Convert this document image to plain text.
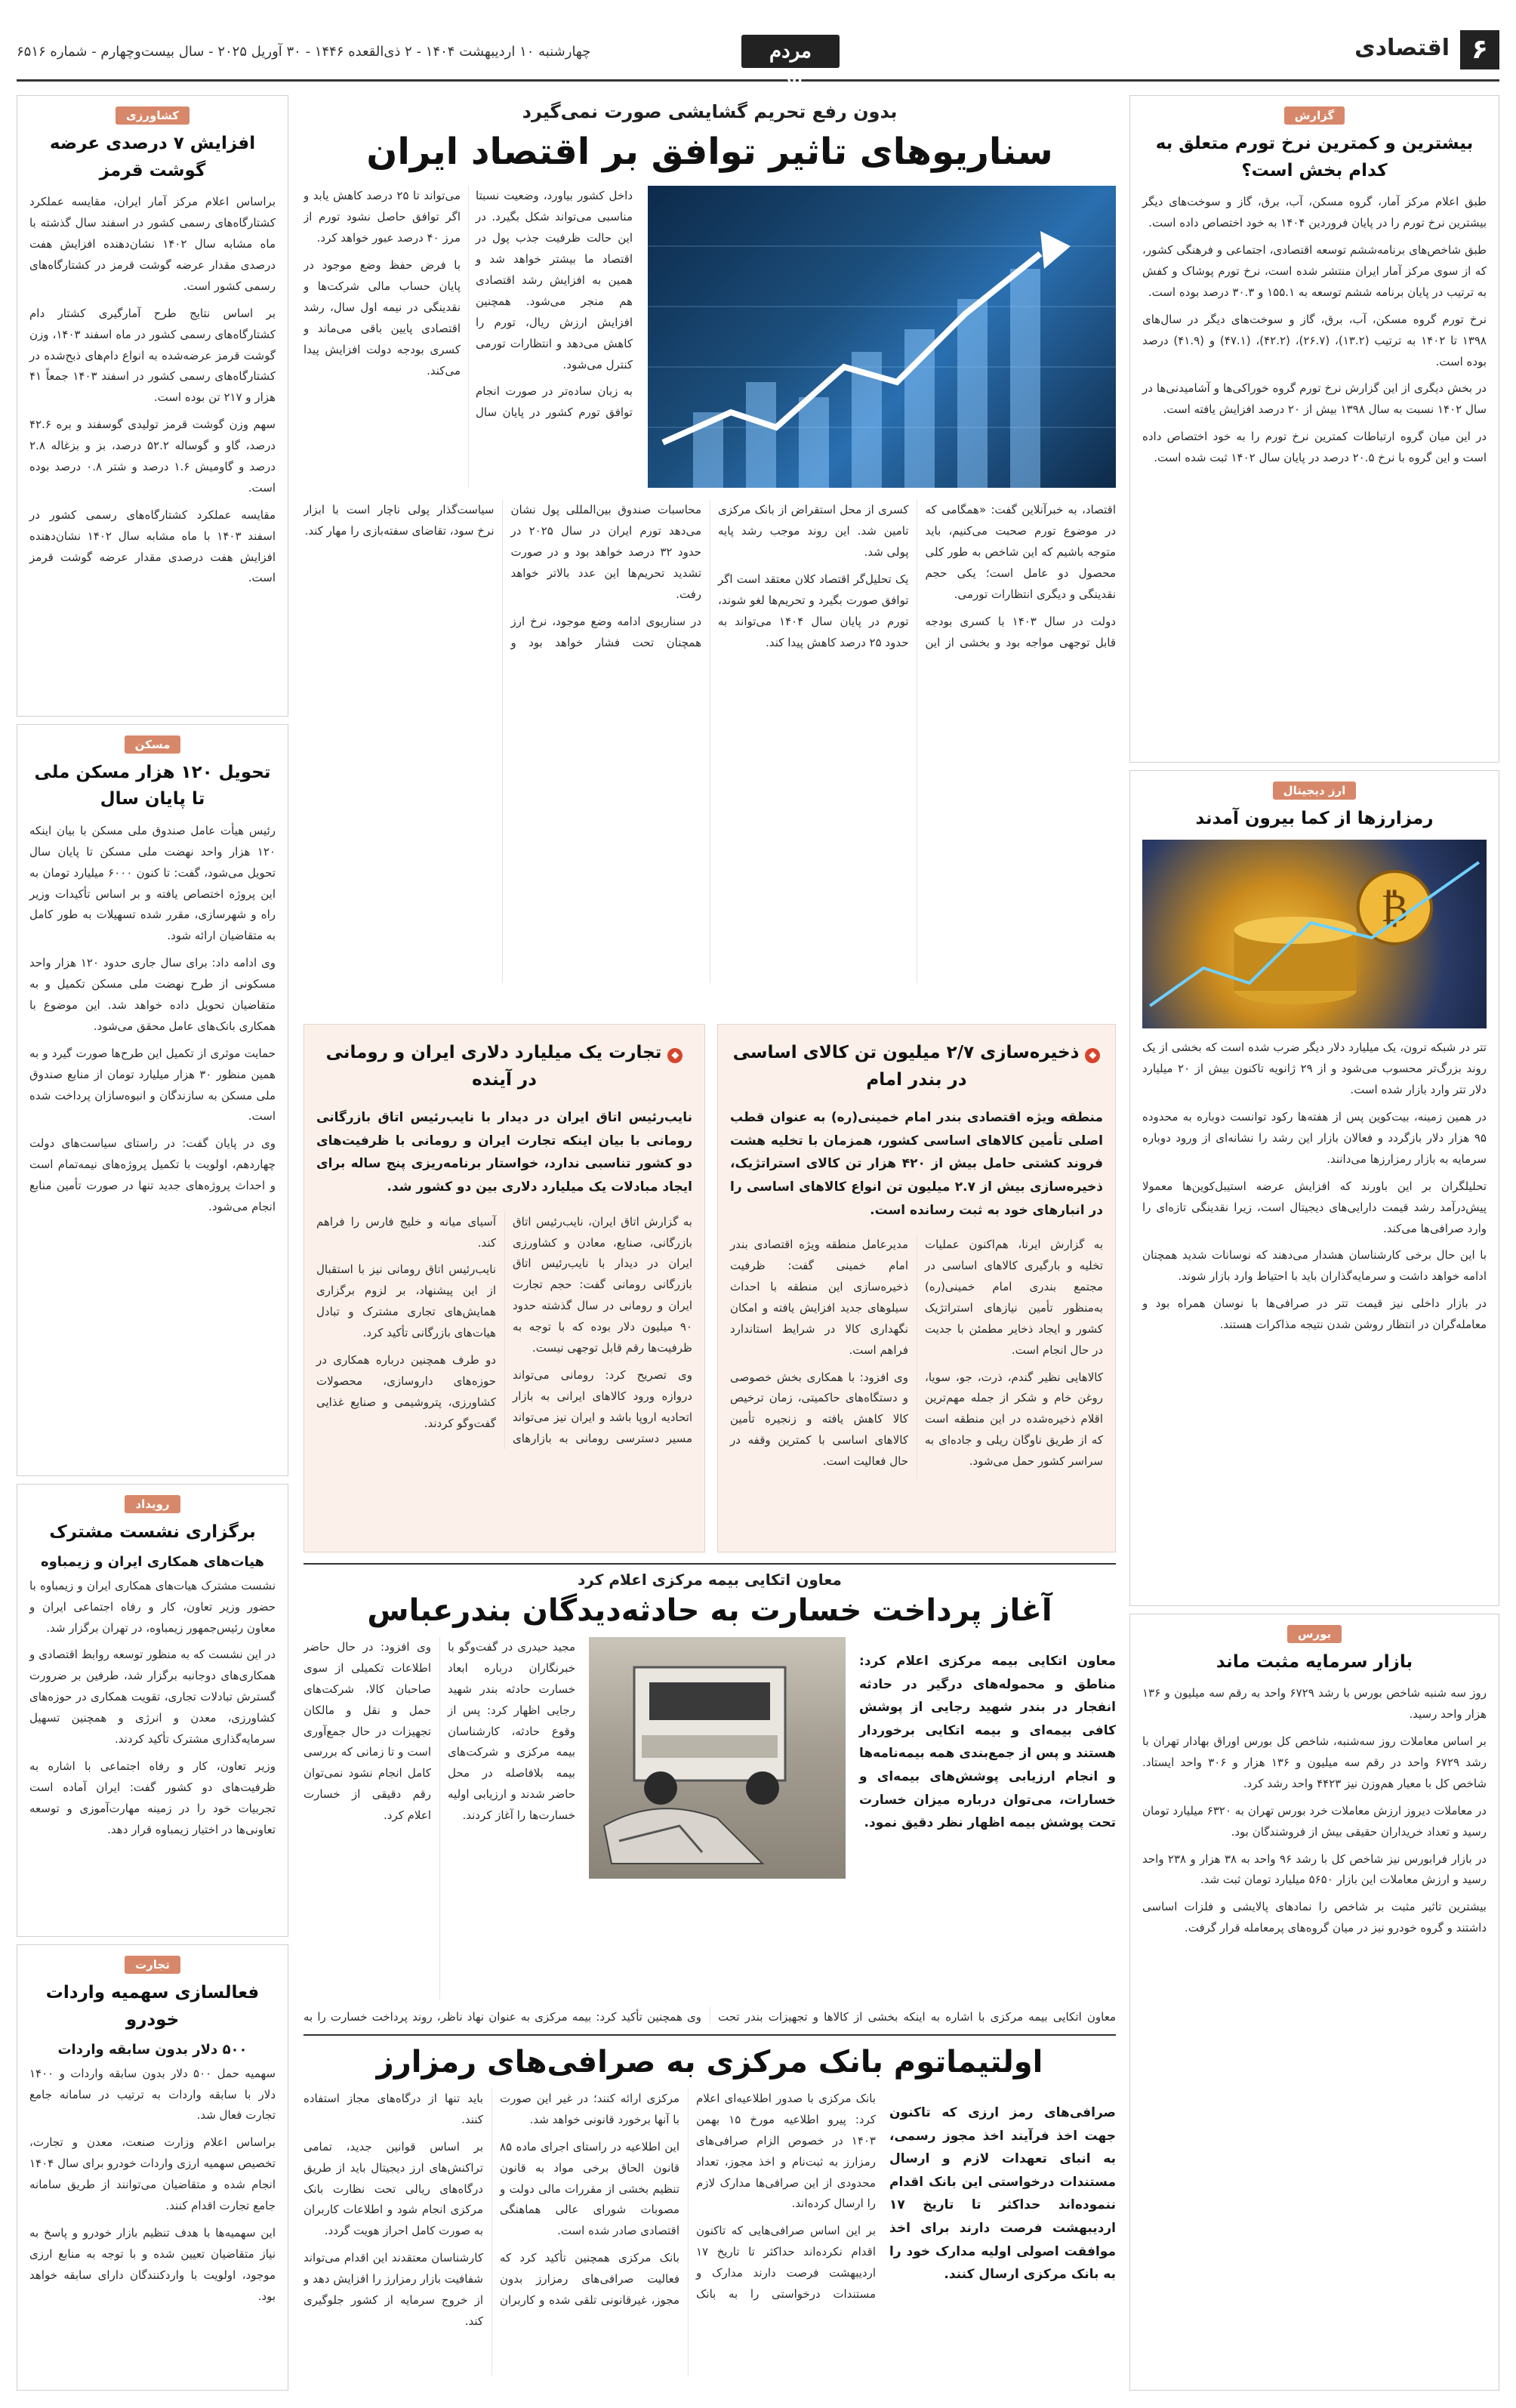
۶
اقتصادی
مردم سالاری
چهارشنبه ۱۰ اردیبهشت ۱۴۰۴ - ۲ ذی‌القعده ۱۴۴۶ - ۳۰ آوریل ۲۰۲۵ - سال بیست‌وچهارم - شماره ۶۵۱۶
کشاورزی
افزایش ۷ درصدی عرضه گوشت قرمز

براساس اعلام مرکز آمار ایران، مقایسه عملکرد کشتارگاه‌های رسمی کشور در اسفند سال گذشته با ماه مشابه سال ۱۴۰۲ نشان‌دهنده افزایش هفت درصدی مقدار عرضه گوشت قرمز در کشتارگاه‌های رسمی کشور است.

بر اساس نتایج طرح آمارگیری کشتار دام کشتارگاه‌های رسمی کشور در ماه اسفند ۱۴۰۳، وزن گوشت قرمز عرضه‌شده به انواع دام‌های ذبح‌شده در کشتارگاه‌های رسمی کشور در اسفند ۱۴۰۳ جمعاً ۴۱ هزار و ۲۱۷ تن بوده است.

سهم وزن گوشت قرمز تولیدی گوسفند و بره ۴۲.۶ درصد، گاو و گوساله ۵۲.۲ درصد، بز و بزغاله ۲.۸ درصد و گاومیش ۱.۶ درصد و شتر ۰.۸ درصد بوده است.

مقایسه عملکرد کشتارگاه‌های رسمی کشور در اسفند ۱۴۰۳ با ماه مشابه سال ۱۴۰۲ نشان‌دهنده افزایش هفت درصدی مقدار عرضه گوشت قرمز است.

مسکن
تحویل ۱۲۰ هزار مسکن ملی تا پایان سال

رئیس هیأت عامل صندوق ملی مسکن با بیان اینکه ۱۲۰ هزار واحد نهضت ملی مسکن تا پایان سال تحویل می‌شود، گفت: تا کنون ۶۰۰۰ میلیارد تومان به این پروژه اختصاص یافته و بر اساس تأکیدات وزیر راه و شهرسازی، مقرر شده تسهیلات به طور کامل به متقاضیان ارائه شود.

وی ادامه داد: برای سال جاری حدود ۱۲۰ هزار واحد مسکونی از طرح نهضت ملی مسکن تکمیل و به متقاضیان تحویل داده خواهد شد. این موضوع با همکاری بانک‌های عامل محقق می‌شود.

حمایت موثری از تکمیل این طرح‌ها صورت گیرد و به همین منظور ۳۰ هزار میلیارد تومان از منابع صندوق ملی مسکن به سازندگان و انبوه‌سازان پرداخت شده است.

وی در پایان گفت: در راستای سیاست‌های دولت چهاردهم، اولویت با تکمیل پروژه‌های نیمه‌تمام است و احداث پروژه‌های جدید تنها در صورت تأمین منابع انجام می‌شود.

رویداد
برگزاری نشست مشترک
هیات‌های همکاری ایران و زیمباوه

نشست مشترک هیات‌های همکاری ایران و زیمباوه با حضور وزیر تعاون، کار و رفاه اجتماعی ایران و معاون رئیس‌جمهور زیمباوه، در تهران برگزار شد.

در این نشست که به منظور توسعه روابط اقتصادی و همکاری‌های دوجانبه برگزار شد، طرفین بر ضرورت گسترش تبادلات تجاری، تقویت همکاری در حوزه‌های کشاورزی، معدن و انرژی و همچنین تسهیل سرمایه‌گذاری مشترک تأکید کردند.

وزیر تعاون، کار و رفاه اجتماعی با اشاره به ظرفیت‌های دو کشور گفت: ایران آماده است تجربیات خود را در زمینه مهارت‌آموزی و توسعه تعاونی‌ها در اختیار زیمباوه قرار دهد.

تجارت
فعالسازی سهمیه واردات خودرو
۵۰۰ دلار بدون سابقه واردات

سهمیه حمل ۵۰۰ دلار بدون سابقه واردات و ۱۴۰۰ دلار با سابقه واردات به ترتیب در سامانه جامع تجارت فعال شد.

براساس اعلام وزارت صنعت، معدن و تجارت، تخصیص سهمیه ارزی واردات خودرو برای سال ۱۴۰۴ انجام شده و متقاضیان می‌توانند از طریق سامانه جامع تجارت اقدام کنند.

این سهمیه‌ها با هدف تنظیم بازار خودرو و پاسخ به نیاز متقاضیان تعیین شده و با توجه به منابع ارزی موجود، اولویت با واردکنندگان دارای سابقه خواهد بود.

گزارش
بیشترین و کمترین نرخ تورم متعلق به کدام بخش است؟

طبق اعلام مرکز آمار، گروه مسکن، آب، برق، گاز و سوخت‌های دیگر بیشترین نرخ تورم را در پایان فروردین ۱۴۰۴ به خود اختصاص داده است.

طبق شاخص‌های برنامه‌ششم توسعه اقتصادی، اجتماعی و فرهنگی کشور، که از سوی مرکز آمار ایران منتشر شده است، نرخ تورم پوشاک و کفش به ترتیب در پایان برنامه ششم توسعه به ۱۵۵.۱ و ۳۰.۳ درصد بوده است.

نرخ تورم گروه مسکن، آب، برق، گاز و سوخت‌های دیگر در سال‌های ۱۳۹۸ تا ۱۴۰۲ به ترتیب (۱۳.۲)، (۲۶.۷)، (۴۲.۲)، (۴۷.۱) و (۴۱.۹) درصد بوده است.

در بخش دیگری از این گزارش نرخ تورم گروه خوراکی‌ها و آشامیدنی‌ها در سال ۱۴۰۲ نسبت به سال ۱۳۹۸ بیش از ۲۰ درصد افزایش یافته است.

در این میان گروه ارتباطات کمترین نرخ تورم را به خود اختصاص داده است و این گروه با نرخ ۲۰.۵ درصد در پایان سال ۱۴۰۲ ثبت شده است.

ارز دیجیتال
رمزارزها از کما بیرون آمدند
₿

تتر در شبکه ترون، یک میلیارد دلار دیگر ضرب شده است که بخشی از یک روند بزرگ‌تر محسوب می‌شود و از ۲۹ ژانویه تاکنون بیش از ۲۰ میلیارد دلار تتر وارد بازار شده است.

در همین زمینه، بیت‌کوین پس از هفته‌ها رکود توانست دوباره به محدوده ۹۵ هزار دلار بازگردد و فعالان بازار این رشد را نشانه‌ای از ورود دوباره سرمایه به بازار رمزارزها می‌دانند.

تحلیلگران بر این باورند که افزایش عرضه استیبل‌کوین‌ها معمولا پیش‌درآمد رشد قیمت دارایی‌های دیجیتال است، زیرا نقدینگی تازه‌ای را وارد صرافی‌ها می‌کند.

با این حال برخی کارشناسان هشدار می‌دهند که نوسانات شدید همچنان ادامه خواهد داشت و سرمایه‌گذاران باید با احتیاط وارد بازار شوند.

در بازار داخلی نیز قیمت تتر در صرافی‌ها با نوسان همراه بود و معامله‌گران در انتظار روشن شدن نتیجه مذاکرات هستند.

بورس
بازار سرمایه مثبت ماند

روز سه شنبه شاخص بورس با رشد ۶۷۲۹ واحد به رقم سه میلیون و ۱۳۶ هزار واحد رسید.

بر اساس معاملات روز سه‌شنبه، شاخص کل بورس اوراق بهادار تهران با رشد ۶۷۲۹ واحد در رقم سه میلیون و ۱۳۶ هزار و ۳۰۶ واحد ایستاد. شاخص کل با معیار هم‌وزن نیز ۴۴۲۳ واحد رشد کرد.

در معاملات دیروز ارزش معاملات خرد بورس تهران به ۶۳۲۰ میلیارد تومان رسید و تعداد خریداران حقیقی بیش از فروشندگان بود.

در بازار فرابورس نیز شاخص کل با رشد ۹۶ واحد به ۳۸ هزار و ۲۳۸ واحد رسید و ارزش معاملات این بازار ۵۶۵۰ میلیارد تومان ثبت شد.

بیشترین تاثیر مثبت بر شاخص را نمادهای پالایشی و فلزات اساسی داشتند و گروه خودرو نیز در میان گروه‌های پرمعامله قرار گرفت.

بدون رفع تحریم گشایشی صورت نمی‌گیرد
سناریوهای تاثیر توافق بر اقتصاد ایران

داخل کشور بیاورد، وضعیت نسبتا مناسبی می‌تواند شکل بگیرد. در این حالت ظرفیت جذب پول در اقتصاد ما بیشتر خواهد شد و همین به افزایش رشد اقتصادی هم منجر می‌شود. همچنین افزایش ارزش ریال، تورم را کاهش می‌دهد و انتظارات تورمی کنترل می‌شود.

به زبان ساده‌تر در صورت انجام توافق تورم کشور در پایان سال می‌تواند تا ۲۵ درصد کاهش یابد و اگر توافق حاصل نشود تورم از مرز ۴۰ درصد عبور خواهد کرد.

با فرض حفظ وضع موجود در پایان حساب مالی شرکت‌ها و نقدینگی در نیمه اول سال، رشد اقتصادی پایین باقی می‌ماند و کسری بودجه دولت افزایش پیدا می‌کند.

اقتصاد، به خبرآنلاین گفت: «همگامی که در موضوع تورم صحبت می‌کنیم، باید متوجه باشیم که این شاخص به طور کلی محصول دو عامل است؛ یکی حجم نقدینگی و دیگری انتظارات تورمی.

دولت در سال ۱۴۰۳ با کسری بودجه قابل توجهی مواجه بود و بخشی از این کسری از محل استقراض از بانک مرکزی تامین شد. این روند موجب رشد پایه پولی شد.

یک تحلیل‌گر اقتصاد کلان معتقد است اگر توافق صورت بگیرد و تحریم‌ها لغو شوند، تورم در پایان سال ۱۴۰۴ می‌تواند به حدود ۲۵ درصد کاهش پیدا کند.

محاسبات صندوق بین‌المللی پول نشان می‌دهد تورم ایران در سال ۲۰۲۵ در حدود ۳۲ درصد خواهد بود و در صورت تشدید تحریم‌ها این عدد بالاتر خواهد رفت.

در سناریوی ادامه وضع موجود، نرخ ارز همچنان تحت فشار خواهد بود و سیاست‌گذار پولی ناچار است با ابزار نرخ سود، تقاضای سفته‌بازی را مهار کند.

◆ ذخیره‌سازی ۲/۷ میلیون تن کالای اساسی در بندر امام

منطقه ویژه اقتصادی بندر امام خمینی(ره) به عنوان قطب اصلی تأمین کالاهای اساسی کشور، همزمان با تخلیه هشت فروند کشتی حامل بیش از ۴۲۰ هزار تن کالای استراتژیک، ذخیره‌سازی بیش از ۲.۷ میلیون تن انواع کالاهای اساسی را در انبارهای خود به ثبت رسانده است.

به گزارش ایرنا، هم‌اکنون عملیات تخلیه و بارگیری کالاهای اساسی در مجتمع بندری امام خمینی(ره) به‌منظور تأمین نیازهای استراتژیک کشور و ایجاد ذخایر مطمئن با جدیت در حال انجام است.

کالاهایی نظیر گندم، ذرت، جو، سویا، روغن خام و شکر از جمله مهم‌ترین اقلام ذخیره‌شده در این منطقه است که از طریق ناوگان ریلی و جاده‌ای به سراسر کشور حمل می‌شود.

مدیرعامل منطقه ویژه اقتصادی بندر امام خمینی گفت: ظرفیت ذخیره‌سازی این منطقه با احداث سیلوهای جدید افزایش یافته و امکان نگهداری کالا در شرایط استاندارد فراهم است.

وی افزود: با همکاری بخش خصوصی و دستگاه‌های حاکمیتی، زمان ترخیص کالا کاهش یافته و زنجیره تأمین کالاهای اساسی با کمترین وقفه در حال فعالیت است.

◆ تجارت یک میلیارد دلاری ایران و رومانی در آینده

نایب‌رئیس اتاق ایران در دیدار با نایب‌رئیس اتاق بازرگانی رومانی با بیان اینکه تجارت ایران و رومانی با ظرفیت‌های دو کشور تناسبی ندارد، خواستار برنامه‌ریزی پنج ساله برای ایجاد مبادلات یک میلیارد دلاری بین دو کشور شد.

به گزارش اتاق ایران، نایب‌رئیس اتاق بازرگانی، صنایع، معادن و کشاورزی ایران در دیدار با نایب‌رئیس اتاق بازرگانی رومانی گفت: حجم تجارت ایران و رومانی در سال گذشته حدود ۹۰ میلیون دلار بوده که با توجه به ظرفیت‌ها رقم قابل توجهی نیست.

وی تصریح کرد: رومانی می‌تواند دروازه ورود کالاهای ایرانی به بازار اتحادیه اروپا باشد و ایران نیز می‌تواند مسیر دسترسی رومانی به بازارهای آسیای میانه و خلیج فارس را فراهم کند.

نایب‌رئیس اتاق رومانی نیز با استقبال از این پیشنهاد، بر لزوم برگزاری همایش‌های تجاری مشترک و تبادل هیات‌های بازرگانی تأکید کرد.

دو طرف همچنین درباره همکاری در حوزه‌های داروسازی، محصولات کشاورزی، پتروشیمی و صنایع غذایی گفت‌وگو کردند.

معاون اتکایی بیمه مرکزی اعلام کرد
آغاز پرداخت خسارت به حادثه‌دیدگان بندرعباس

معاون اتکایی بیمه مرکزی اعلام کرد: مناطق و محموله‌های درگیر در حادثه انفجار در بندر شهید رجایی از پوشش کافی بیمه‌ای و بیمه اتکایی برخوردار هستند و پس از جمع‌بندی همه بیمه‌نامه‌ها و انجام ارزیابی پوشش‌های بیمه‌ای و خسارات، می‌توان درباره میزان خسارت تحت پوشش بیمه اظهار نظر دقیق نمود.

مجید حیدری در گفت‌وگو با خبرنگاران درباره ابعاد خسارت حادثه بندر شهید رجایی اظهار کرد: پس از وقوع حادثه، کارشناسان بیمه مرکزی و شرکت‌های بیمه بلافاصله در محل حاضر شدند و ارزیابی اولیه خسارت‌ها را آغاز کردند.

وی افزود: در حال حاضر اطلاعات تکمیلی از سوی صاحبان کالا، شرکت‌های حمل و نقل و مالکان تجهیزات در حال جمع‌آوری است و تا زمانی که بررسی کامل انجام نشود نمی‌توان رقم دقیقی از خسارت اعلام کرد.

معاون اتکایی بیمه مرکزی با اشاره به اینکه بخشی از کالاها و تجهیزات بندر تحت

وی همچنین تأکید کرد: بیمه مرکزی به عنوان نهاد ناظر، روند پرداخت خسارت را به

اولتیماتوم بانک مرکزی به صرافی‌های رمزارز

صرافی‌های رمز ارزی که تاکنون جهت اخذ فرآیند اخذ مجوز رسمی، به انبای تعهدات لازم و ارسال مستندات درخواستی این بانک اقدام ننموده‌اند حداکثر تا تاریخ ۱۷ اردیبهشت فرصت دارند برای اخذ موافقت اصولی اولیه مدارک خود را به بانک مرکزی ارسال کنند.

بانک مرکزی با صدور اطلاعیه‌ای اعلام کرد: پیرو اطلاعیه مورخ ۱۵ بهمن ۱۴۰۳ در خصوص الزام صرافی‌های رمزارز به ثبت‌نام و اخذ مجوز، تعداد محدودی از این صرافی‌ها مدارک لازم را ارسال کرده‌اند.

بر این اساس صرافی‌هایی که تاکنون اقدام نکرده‌اند حداکثر تا تاریخ ۱۷ اردیبهشت فرصت دارند مدارک و مستندات درخواستی را به بانک مرکزی ارائه کنند؛ در غیر این صورت با آنها برخورد قانونی خواهد شد.

این اطلاعیه در راستای اجرای ماده ۸۵ قانون الحاق برخی مواد به قانون تنظیم بخشی از مقررات مالی دولت و مصوبات شورای عالی هماهنگی اقتصادی صادر شده است.

بانک مرکزی همچنین تأکید کرد که فعالیت صرافی‌های رمزارز بدون مجوز، غیرقانونی تلقی شده و کاربران باید تنها از درگاه‌های مجاز استفاده کنند.

بر اساس قوانین جدید، تمامی تراکنش‌های ارز دیجیتال باید از طریق درگاه‌های ریالی تحت نظارت بانک مرکزی انجام شود و اطلاعات کاربران به صورت کامل احراز هویت گردد.

کارشناسان معتقدند این اقدام می‌تواند شفافیت بازار رمزارز را افزایش دهد و از خروج سرمایه از کشور جلوگیری کند.
